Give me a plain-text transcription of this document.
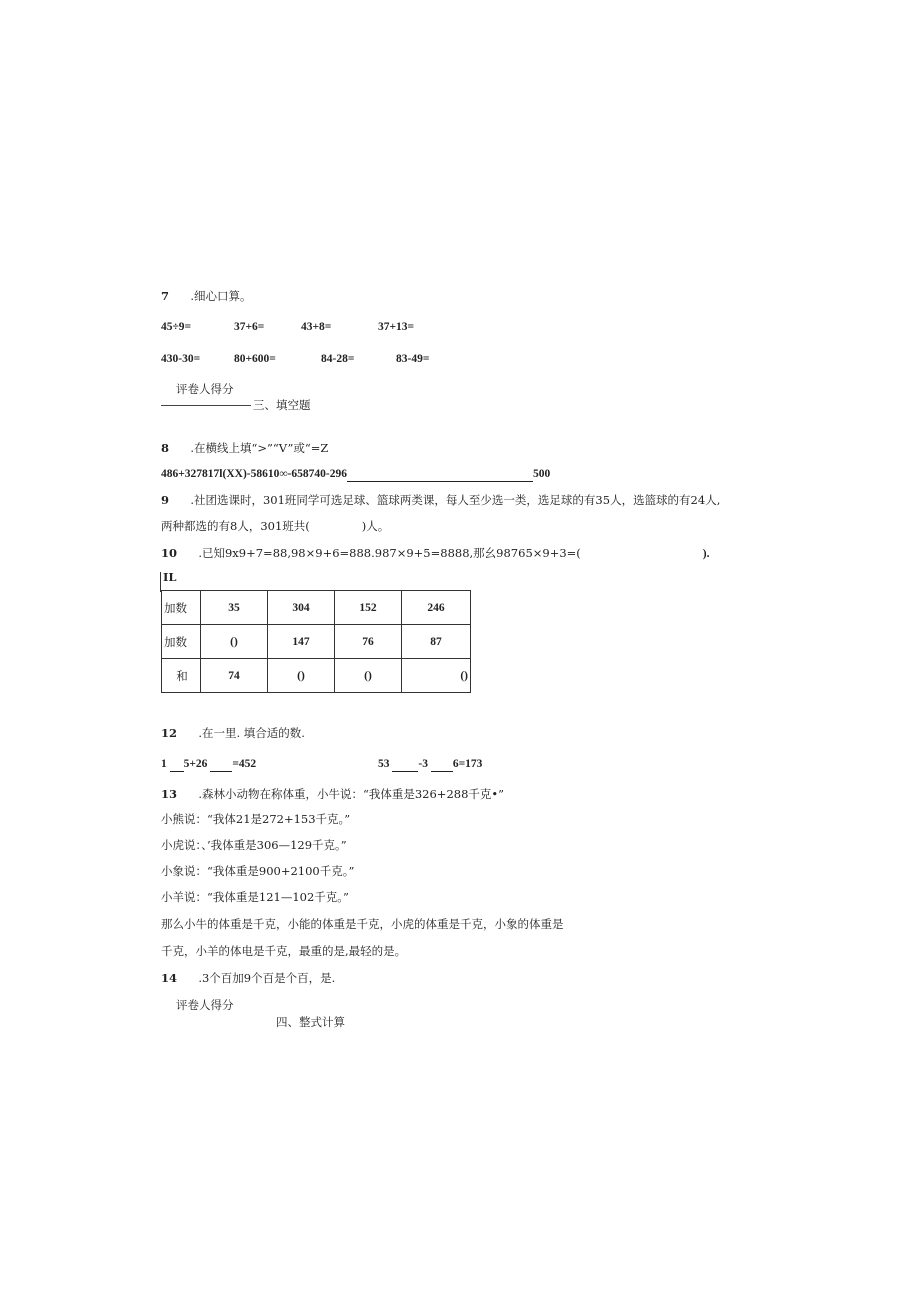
7 .细心口算。
45÷9=	37+6=	43+8=	37+13=
430-30=	80+600=	84-28=	83-49=
评卷人得分
三、填空题
8 .在横线上填“>”“V”或“=Z
486+327817l(XX)-58610∞-658740-296	500
9 .社团选课时，301班同学可选足球、篮球两类课，每人至少选一类，选足球的有35人，选篮球的有24人,
两种都选的有8人，301班共(	)人。
10 .已知9x9+7=88,98×9+6=888.987×9+5=8888,那幺98765×9+3=(	).
IL
加数	35	304	152	246
加数	()	147	76	87
和	74	()	()	()
12 .在一里. 填合适的数.
1 5+26 =452	53	-3 6=173
13 .森林小动物在称体重，小牛说：“我体重是326+288千克•”
小熊说：“我体21是272+153千克。”
小虎说：、’我体重是306—129千克。”
小象说：“我体重是900+2100千克。”
小羊说：“我体重是121—102千克。”
那么小牛的体重是千克，小能的体重是千克，小虎的体重是千克，小象的体重是
千克，小羊的体电是千克，最重的是,最轻的是。
14 .3个百加9个百是个百，是.
评卷人得分
四、整式计算
